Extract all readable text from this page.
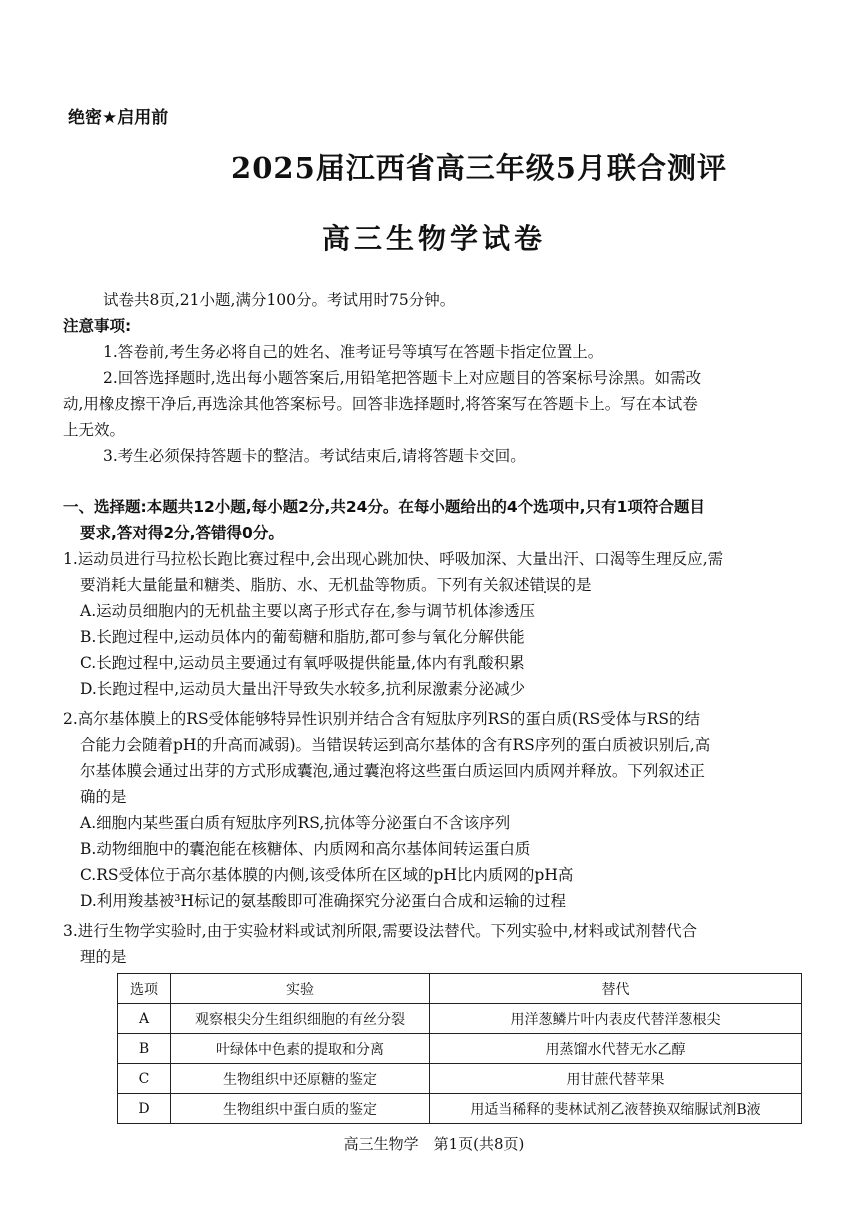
绝密★启用前
2025届江西省高三年级5月联合测评
高三生物学试卷
试卷共8页,21小题,满分100分。考试用时75分钟。
注意事项:
1.答卷前,考生务必将自己的姓名、准考证号等填写在答题卡指定位置上。
2.回答选择题时,选出每小题答案后,用铅笔把答题卡上对应题目的答案标号涂黑。如需改
动,用橡皮擦干净后,再选涂其他答案标号。回答非选择题时,将答案写在答题卡上。写在本试卷
上无效。
3.考生必须保持答题卡的整洁。考试结束后,请将答题卡交回。
一、选择题:本题共12小题,每小题2分,共24分。在每小题给出的4个选项中,只有1项符合题目
要求,答对得2分,答错得0分。
1.运动员进行马拉松长跑比赛过程中,会出现心跳加快、呼吸加深、大量出汗、口渴等生理反应,需
要消耗大量能量和糖类、脂肪、水、无机盐等物质。下列有关叙述错误的是
A.运动员细胞内的无机盐主要以离子形式存在,参与调节机体渗透压
B.长跑过程中,运动员体内的葡萄糖和脂肪,都可参与氧化分解供能
C.长跑过程中,运动员主要通过有氧呼吸提供能量,体内有乳酸积累
D.长跑过程中,运动员大量出汗导致失水较多,抗利尿激素分泌减少
2.高尔基体膜上的RS受体能够特异性识别并结合含有短肽序列RS的蛋白质(RS受体与RS的结
合能力会随着pH的升高而减弱)。当错误转运到高尔基体的含有RS序列的蛋白质被识别后,高
尔基体膜会通过出芽的方式形成囊泡,通过囊泡将这些蛋白质运回内质网并释放。下列叙述正
确的是
A.细胞内某些蛋白质有短肽序列RS,抗体等分泌蛋白不含该序列
B.动物细胞中的囊泡能在核糖体、内质网和高尔基体间转运蛋白质
C.RS受体位于高尔基体膜的内侧,该受体所在区域的pH比内质网的pH高
D.利用羧基被³H标记的氨基酸即可准确探究分泌蛋白合成和运输的过程
3.进行生物学实验时,由于实验材料或试剂所限,需要设法替代。下列实验中,材料或试剂替代合
理的是
选项	实验	替代
A	观察根尖分生组织细胞的有丝分裂	用洋葱鳞片叶内表皮代替洋葱根尖
B	叶绿体中色素的提取和分离	用蒸馏水代替无水乙醇
C	生物组织中还原糖的鉴定	用甘蔗代替苹果
D	生物组织中蛋白质的鉴定	用适当稀释的斐林试剂乙液替换双缩脲试剂B液
高三生物学　第1页(共8页)
